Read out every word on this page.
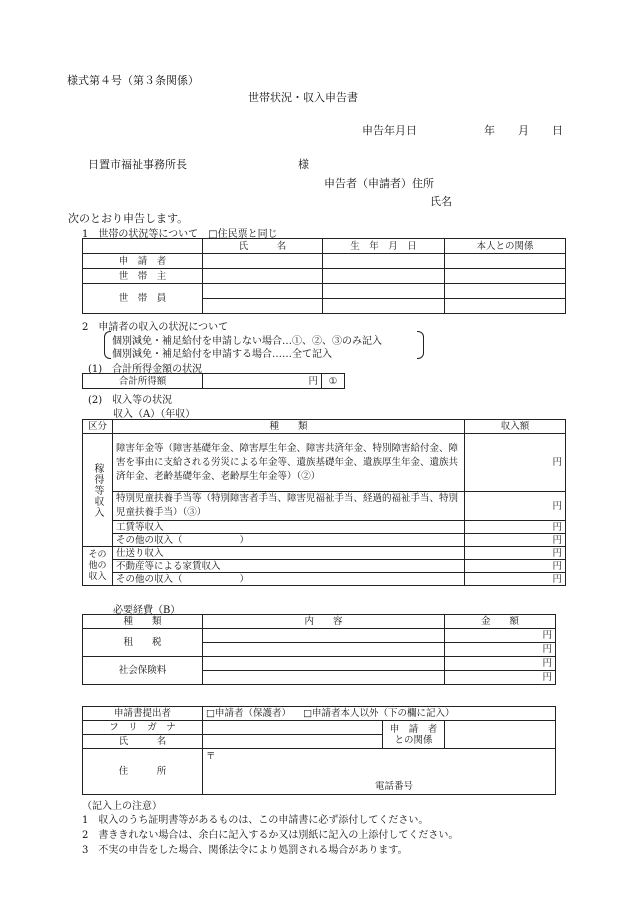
様式第４号（第３条関係）
世帯状況・収入申告書
申告年月日	年　月　日
日置市福祉事務所長	様
申告者（申請者）住所
氏名
次のとおり申告します。
1　世帯の状況等について　□住民票と同じ
	氏　　　名	生　年　月　日	本人との関係
申　請　者			
世　帯　主			
世　帯　員			

2　申請者の収入の状況について
個別減免・補足給付を申請しない場合…①、②、③のみ記入
個別減免・補足給付を申請する場合……全て記入
(1)　合計所得金額の状況
合計所得額	円	①
(2)　収入等の状況
収入（A）（年収）
区分	種　　類	収入額

稼得等収入	障害年金等（障害基礎年金、障害厚生年金、障害共済年金、特別障害給付金、障害を事由に支給される労災による年金等、遺族基礎年金、遺族厚生年金、遺族共済年金、老齢基礎年金、老齢厚生年金等）（②）	円
	特別児童扶養手当等（特別障害者手当、障害児福祉手当、経過的福祉手当、特別児童扶養手当）（③）	円
	工賃等収入	円
	その他の収入（　　　　　　）	円

その他の収入	仕送り収入	円
	不動産等による家賃収入	円
	その他の収入（　　　　　　）	円
必要経費（B）
種　　類	内　　容	金　　額
租　　税		円
		円
社会保険料		円
		円
申請書提出者	□申請者（保護者） □申請者本人以外（下の欄に記入）		
フ　リ　ガ　ナ		申　請　者
との関係	

氏　　　名			
住　　　所	〒
電話番号		
（記入上の注意）
1　収入のうち証明書等があるものは、この申請書に必ず添付してください。
2　書ききれない場合は、余白に記入するか又は別紙に記入の上添付してください。
3　不実の申告をした場合、関係法令により処罰される場合があります。
